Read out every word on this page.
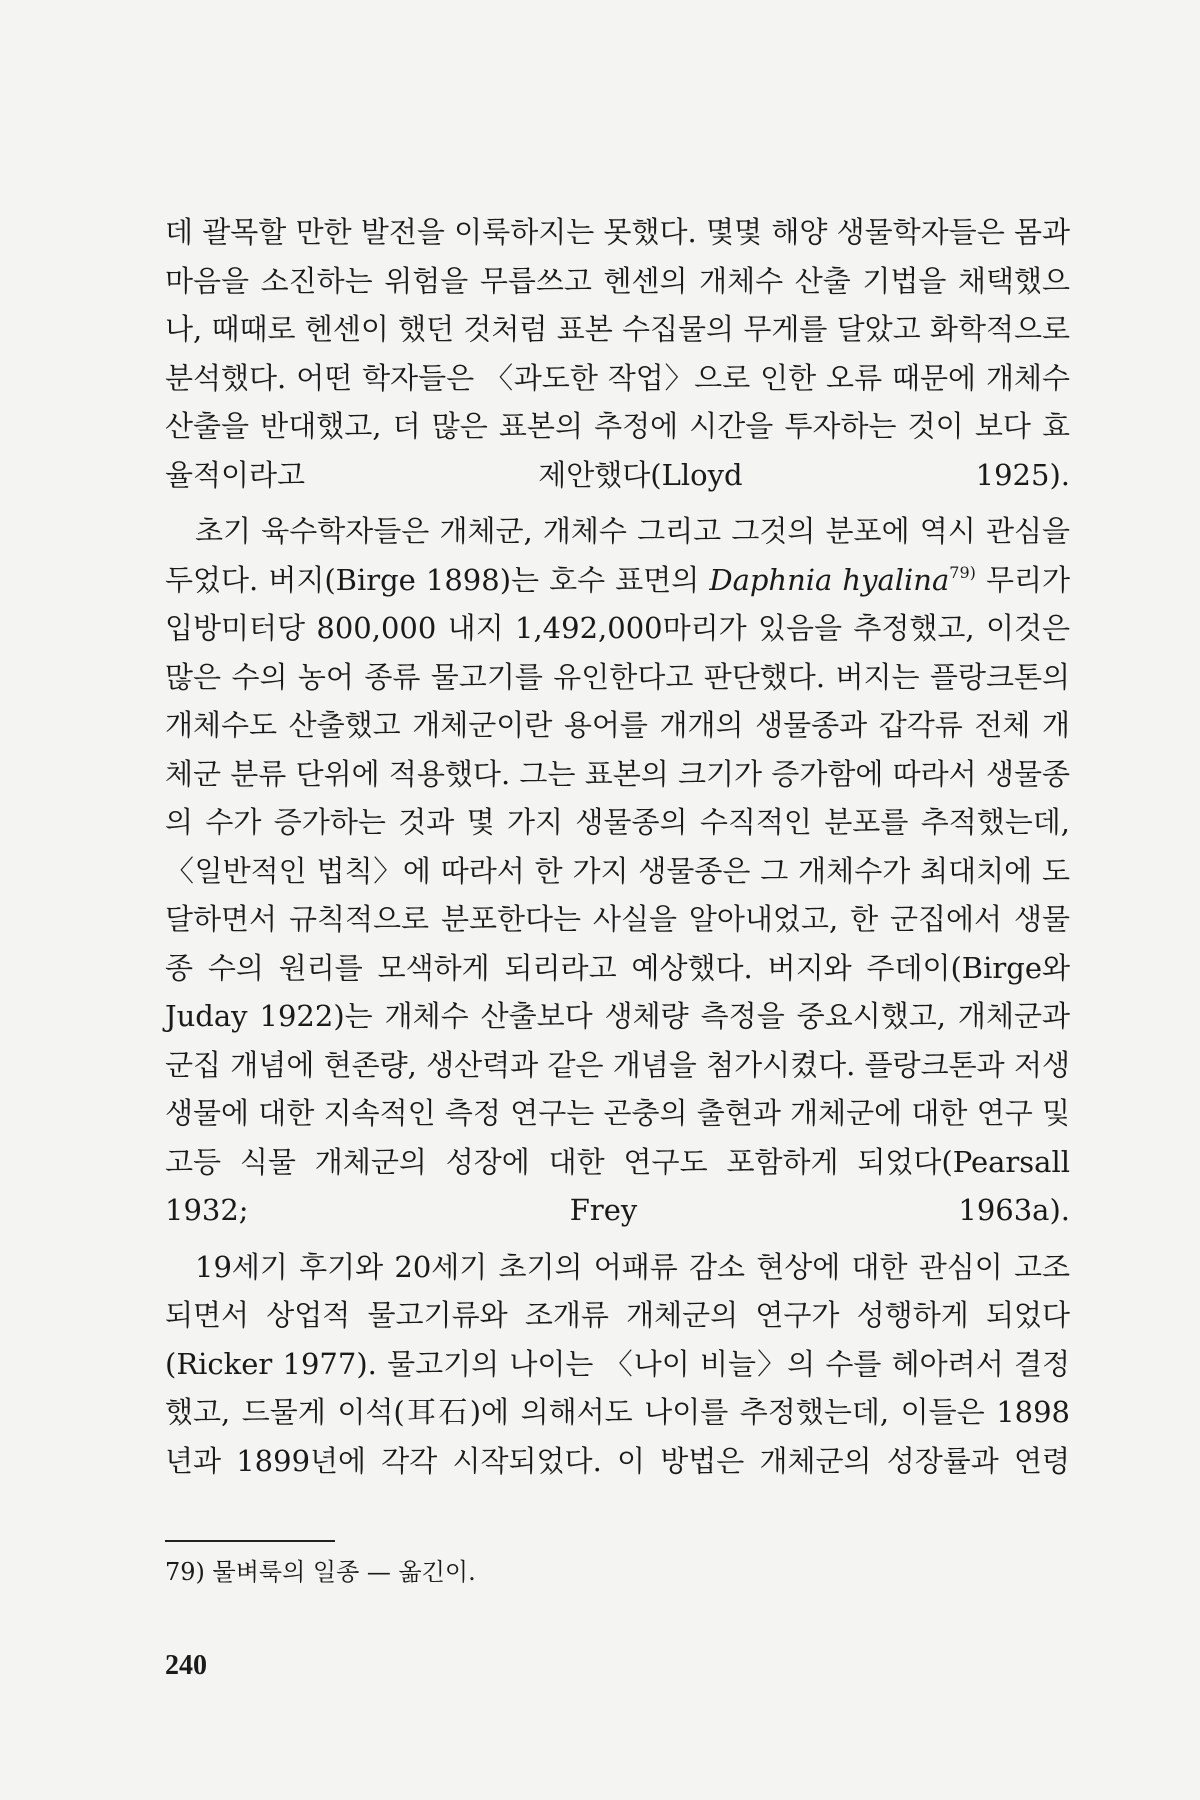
데 괄목할 만한 발전을 이룩하지는 못했다. 몇몇 해양 생물학자들은 몸과 마음을 소진하는 위험을 무릅쓰고 헨센의 개체수 산출 기법을 채택했으나, 때때로 헨센이 했던 것처럼 표본 수집물의 무게를 달았고 화학적으로 분석했다. 어떤 학자들은 〈과도한 작업〉으로 인한 오류 때문에 개체수 산출을 반대했고, 더 많은 표본의 추정에 시간을 투자하는 것이 보다 효율적이라고 제안했다(Lloyd 1925).

초기 육수학자들은 개체군, 개체수 그리고 그것의 분포에 역시 관심을 두었다. 버지(Birge 1898)는 호수 표면의 Daphnia hyalina$^{79)}$ 무리가 입방미터당 800,000 내지 1,492,000마리가 있음을 추정했고, 이것은 많은 수의 농어 종류 물고기를 유인한다고 판단했다. 버지는 플랑크톤의 개체수도 산출했고 개체군이란 용어를 개개의 생물종과 갑각류 전체 개체군 분류 단위에 적용했다. 그는 표본의 크기가 증가함에 따라서 생물종의 수가 증가하는 것과 몇 가지 생물종의 수직적인 분포를 추적했는데, 〈일반적인 법칙〉에 따라서 한 가지 생물종은 그 개체수가 최대치에 도달하면서 규칙적으로 분포한다는 사실을 알아내었고, 한 군집에서 생물종 수의 원리를 모색하게 되리라고 예상했다. 버지와 주데이(Birge와 Juday 1922)는 개체수 산출보다 생체량 측정을 중요시했고, 개체군과 군집 개념에 현존량, 생산력과 같은 개념을 첨가시켰다. 플랑크톤과 저생생물에 대한 지속적인 측정 연구는 곤충의 출현과 개체군에 대한 연구 및 고등 식물 개체군의 성장에 대한 연구도 포함하게 되었다(Pearsall 1932; Frey 1963a).

19세기 후기와 20세기 초기의 어패류 감소 현상에 대한 관심이 고조되면서 상업적 물고기류와 조개류 개체군의 연구가 성행하게 되었다(Ricker 1977). 물고기의 나이는 〈나이 비늘〉의 수를 헤아려서 결정했고, 드물게 이석(耳石)에 의해서도 나이를 추정했는데, 이들은 1898년과 1899년에 각각 시작되었다. 이 방법은 개체군의 성장률과 연령

79) 물벼룩의 일종 — 옮긴이.
240
